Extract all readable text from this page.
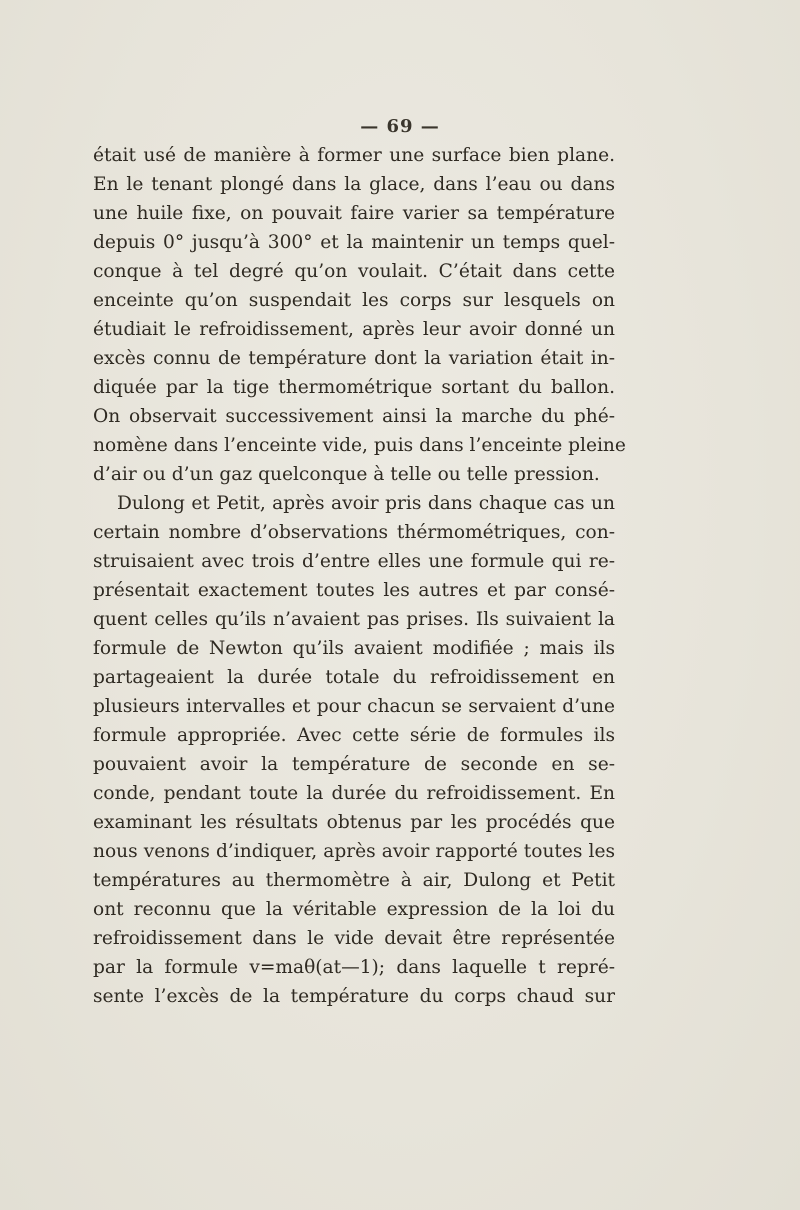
— 69 —
était usé de manière à former une surface bien plane.
En le tenant plongé dans la glace, dans l’eau ou dans
une huile fixe, on pouvait faire varier sa température
depuis 0° jusqu’à 300° et la maintenir un temps quel-
conque à tel degré qu’on voulait. C’était dans cette
enceinte qu’on suspendait les corps sur lesquels on
étudiait le refroidissement, après leur avoir donné un
excès connu de température dont la variation était in-
diquée par la tige thermométrique sortant du ballon.
On observait successivement ainsi la marche du phé-
nomène dans l’enceinte vide, puis dans l’enceinte pleine
d’air ou d’un gaz quelconque à telle ou telle pression.
Dulong et Petit, après avoir pris dans chaque cas un
certain nombre d’observations thérmométriques, con-
struisaient avec trois d’entre elles une formule qui re-
présentait exactement toutes les autres et par consé-
quent celles qu’ils n’avaient pas prises. Ils suivaient la
formule de Newton qu’ils avaient modifiée ; mais ils
partageaient la durée totale du refroidissement en
plusieurs intervalles et pour chacun se servaient d’une
formule appropriée. Avec cette série de formules ils
pouvaient avoir la température de seconde en se-
conde, pendant toute la durée du refroidissement. En
examinant les résultats obtenus par les procédés que
nous venons d’indiquer, après avoir rapporté toutes les
températures au thermomètre à air, Dulong et Petit
ont reconnu que la véritable expression de la loi du
refroidissement dans le vide devait être représentée
par la formule v=maθ(at—1); dans laquelle t repré-
sente l’excès de la température du corps chaud sur
